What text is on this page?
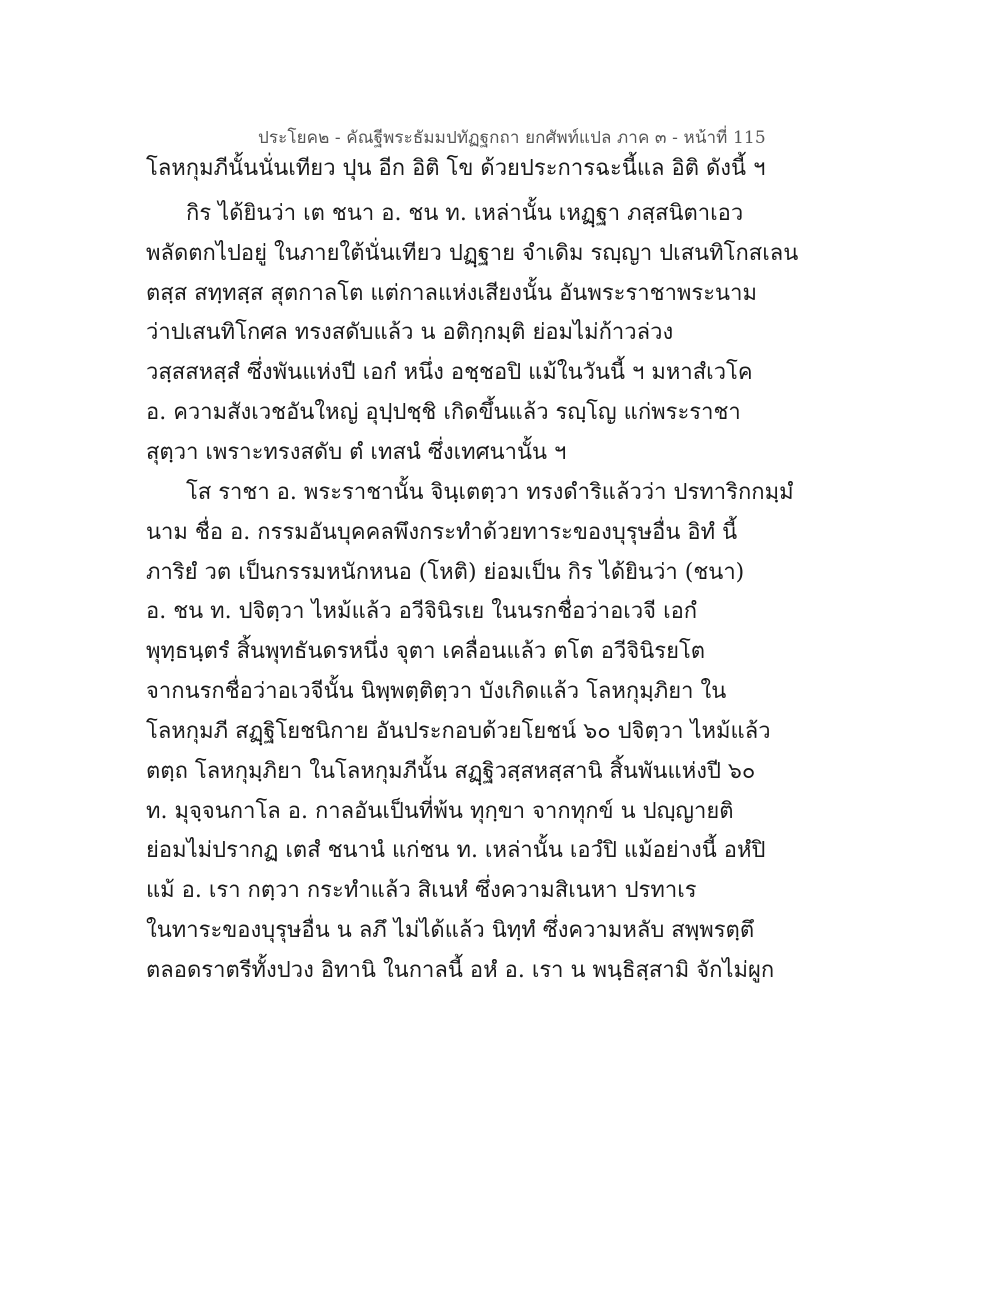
ประโยค๒ - คัณฐีพระธัมมปทัฏฐกถา ยกศัพท์แปล ภาค ๓ - หน้าที่ 115
โลหกุมภีนั้นนั่นเทียว ปุน อีก อิติ โข ด้วยประการฉะนี้แล อิติ ดังนี้ ฯ
กิร ได้ยินว่า เต ชนา อ. ชน ท. เหล่านั้น เหฏฺฐา ภสฺสนิตาเอว
พลัดตกไปอยู่ ในภายใต้นั่นเทียว ปฏฺฐาย จำเดิม รญฺญา ปเสนทิโกสเลน
ตสฺส สทฺทสฺส สุตกาลโต แต่กาลแห่งเสียงนั้น อันพระราชาพระนาม
ว่าปเสนทิโกศล ทรงสดับแล้ว น อติกฺกมฺติ ย่อมไม่ก้าวล่วง
วสฺสสหสฺสํ ซึ่งพันแห่งปี เอกํ หนึ่ง อชฺชอปิ แม้ในวันนี้ ฯ มหาสํเวโค
อ. ความสังเวชอันใหญ่ อุปฺปชฺชิ เกิดขึ้นแล้ว รญฺโญ แก่พระราชา
สุตฺวา เพราะทรงสดับ ตํ เทสนํ ซึ่งเทศนานั้น ฯ
โส ราชา อ. พระราชานั้น จินฺเตตฺวา ทรงดำริแล้วว่า ปรทาริกกมฺมํ
นาม ชื่อ อ. กรรมอันบุคคลพึงกระทำด้วยทาระของบุรุษอื่น อิทํ นี้
ภาริยํ วต เป็นกรรมหนักหนอ (โหติ) ย่อมเป็น กิร ได้ยินว่า (ชนา)
อ. ชน ท. ปจิตฺวา ไหม้แล้ว อวีจินิรเย ในนรกชื่อว่าอเวจี เอกํ
พุทฺธนฺตรํ สิ้นพุทธันดรหนึ่ง จุตา เคลื่อนแล้ว ตโต อวีจินิรยโต
จากนรกชื่อว่าอเวจีนั้น นิพฺพตฺติตฺวา บังเกิดแล้ว โลหกุมฺภิยา ใน
โลหกุมภี สฏฺฐิโยชนิกาย อันประกอบด้วยโยชน์ ๖๐ ปจิตฺวา ไหม้แล้ว
ตตฺถ โลหกุมฺภิยา ในโลหกุมภีนั้น สฏฺฐิวสฺสหสฺสานิ สิ้นพันแห่งปี ๖๐
ท. มุจฺจนกาโล อ. กาลอันเป็นที่พ้น ทุกฺขา จากทุกข์ น ปญฺญายติ
ย่อมไม่ปรากฏ เตสํ ชนานํ แก่ชน ท. เหล่านั้น เอวํปิ แม้อย่างนี้ อหํปิ
แม้ อ. เรา กตฺวา กระทำแล้ว สิเนหํ ซึ่งความสิเนหา ปรทาเร
ในทาระของบุรุษอื่น น ลภึ ไม่ได้แล้ว นิทฺทํ ซึ่งความหลับ สพฺพรตฺตึ
ตลอดราตรีทั้งปวง อิทานิ ในกาลนี้ อหํ อ. เรา น พนฺธิสฺสามิ จักไม่ผูก
